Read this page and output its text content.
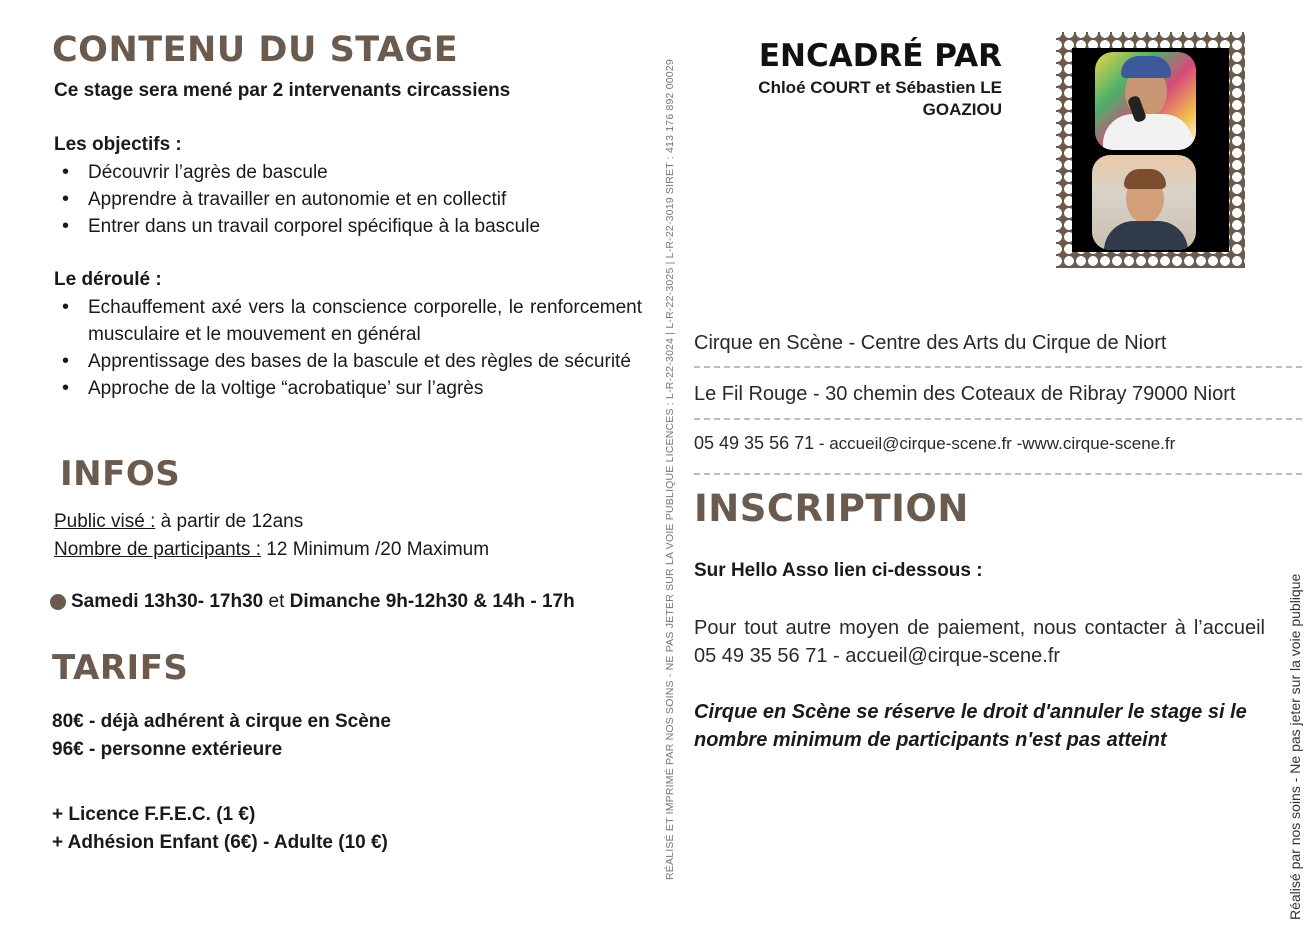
CONTENU DU STAGE
Ce stage sera mené par 2 intervenants circassiens
Les objectifs :
• Découvrir l’agrès de bascule
• Apprendre à travailler en autonomie et en collectif
• Entrer dans un travail corporel spécifique à la bascule
Le déroulé :
• Echauffement axé vers la conscience corporelle, le renforcement musculaire et le mouvement en général
• Apprentissage des bases de la bascule et des règles de sécurité
• Approche de la voltige “acrobatique’ sur l’agrès
INFOS
Public visé : à partir de 12ans
Nombre de participants : 12 Minimum /20 Maximum
Samedi 13h30- 17h30 et Dimanche 9h-12h30 & 14h - 17h
TARIFS
80€ - déjà adhérent à cirque en Scène
96€ - personne extérieure
+ Licence F.F.E.C. (1 €)
+ Adhésion Enfant (6€) - Adulte (10 €)	RÉALISÉ ET IMPRIMÉ PAR NOS SOINS - NE PAS JETER SUR LA VOIE PUBLIQUE LICENCES : L-R-22-3024 | L-R-22-3025 | L-R-22-3019 SIRET : 413 176 892 00029	Réalisé par nos soins - Ne pas jeter sur la voie publique
ENCADRÉ PAR
Chloé COURT et Sébastien LE
GOAZIOU
Cirque en Scène - Centre des Arts du Cirque de Niort
Le Fil Rouge - 30 chemin des Coteaux de Ribray 79000 Niort
05 49 35 56 71 - accueil@cirque-scene.fr -www.cirque-scene.fr
INSCRIPTION
Sur Hello Asso lien ci-dessous :
Pour tout autre moyen de paiement, nous contacter à l’accueil 05 49 35 56 71 - accueil@cirque-scene.fr
Cirque en Scène se réserve le droit d'annuler le stage si le nombre minimum de participants n'est pas atteint
